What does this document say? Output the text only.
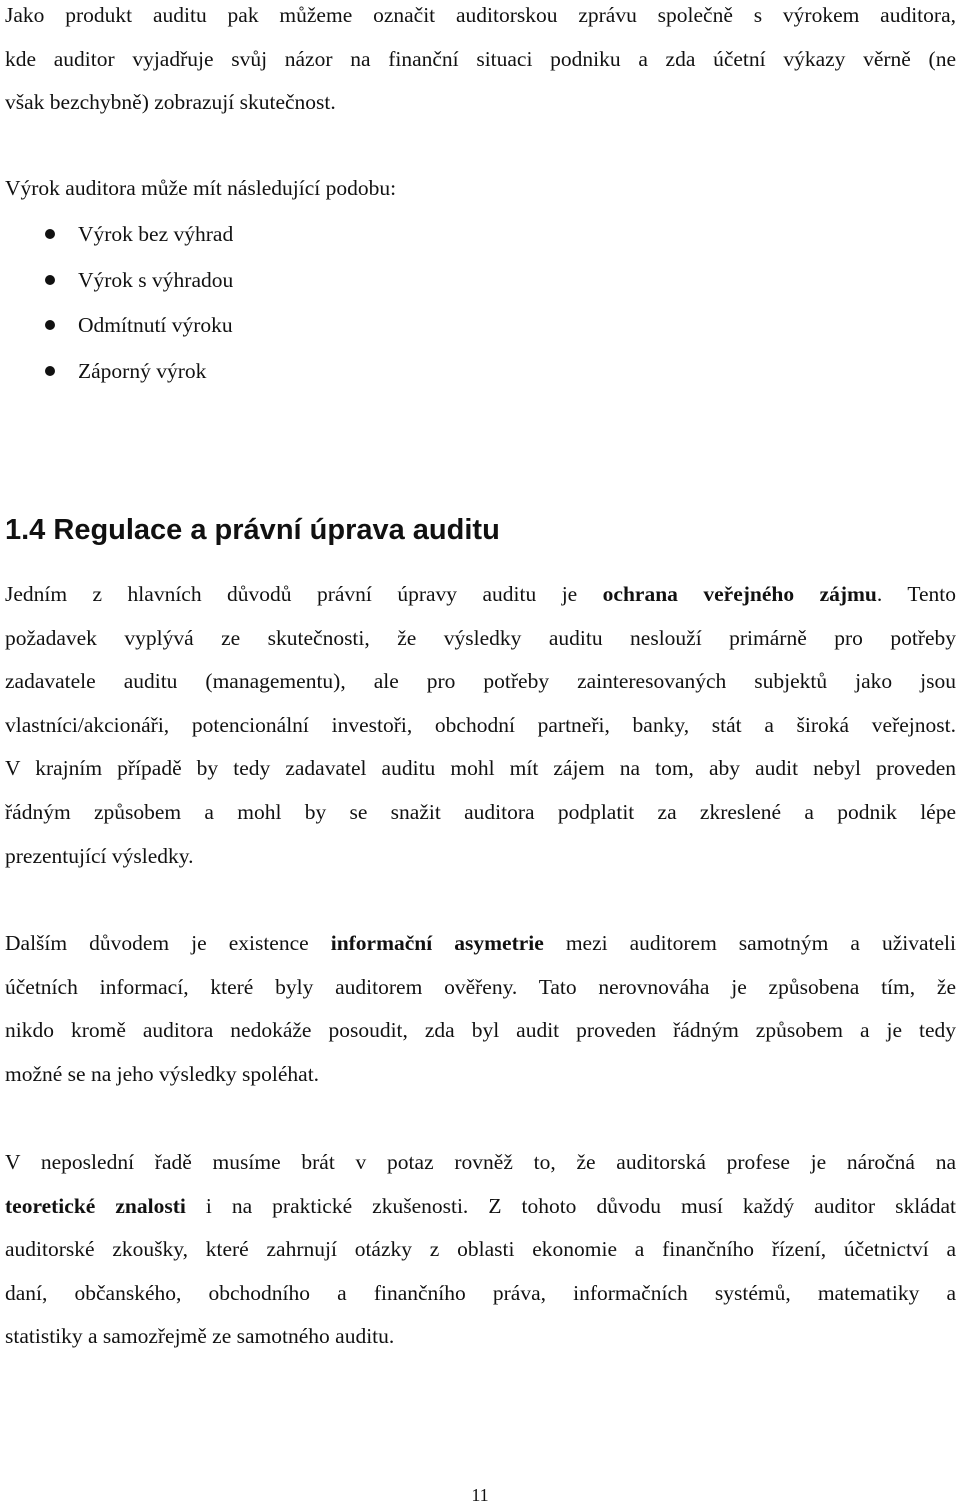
Jako produkt auditu pak můžeme označit auditorskou zprávu společně s výrokem auditora,
kde auditor vyjadřuje svůj názor na finanční situaci podniku a zda účetní výkazy věrně (ne
však bezchybně) zobrazují skutečnost.

Výrok auditora může mít následující podobu:

Výrok bez výhrad
Výrok s výhradou
Odmítnutí výroku
Záporný výrok
1.4 Regulace a právní úprava auditu

Jedním z hlavních důvodů právní úpravy auditu je ochrana veřejného zájmu. Tento
požadavek vyplývá ze skutečnosti, že výsledky auditu neslouží primárně pro potřeby
zadavatele auditu (managementu), ale pro potřeby zainteresovaných subjektů jako jsou
vlastníci/akcionáři, potencionální investoři, obchodní partneři, banky, stát a široká veřejnost.
V krajním případě by tedy zadavatel auditu mohl mít zájem na tom, aby audit nebyl proveden
řádným způsobem a mohl by se snažit auditora podplatit za zkreslené a podnik lépe
prezentující výsledky.

Dalším důvodem je existence informační asymetrie mezi auditorem samotným a uživateli
účetních informací, které byly auditorem ověřeny. Tato nerovnováha je způsobena tím, že
nikdo kromě auditora nedokáže posoudit, zda byl audit proveden řádným způsobem a je tedy
možné se na jeho výsledky spoléhat.

V neposlední řadě musíme brát v potaz rovněž to, že auditorská profese je náročná na
teoretické znalosti i na praktické zkušenosti. Z tohoto důvodu musí každý auditor skládat
auditorské zkoušky, které zahrnují otázky z oblasti ekonomie a finančního řízení, účetnictví a
daní, občanského, obchodního a finančního práva, informačních systémů, matematiky a
statistiky a samozřejmě ze samotného auditu.

11
